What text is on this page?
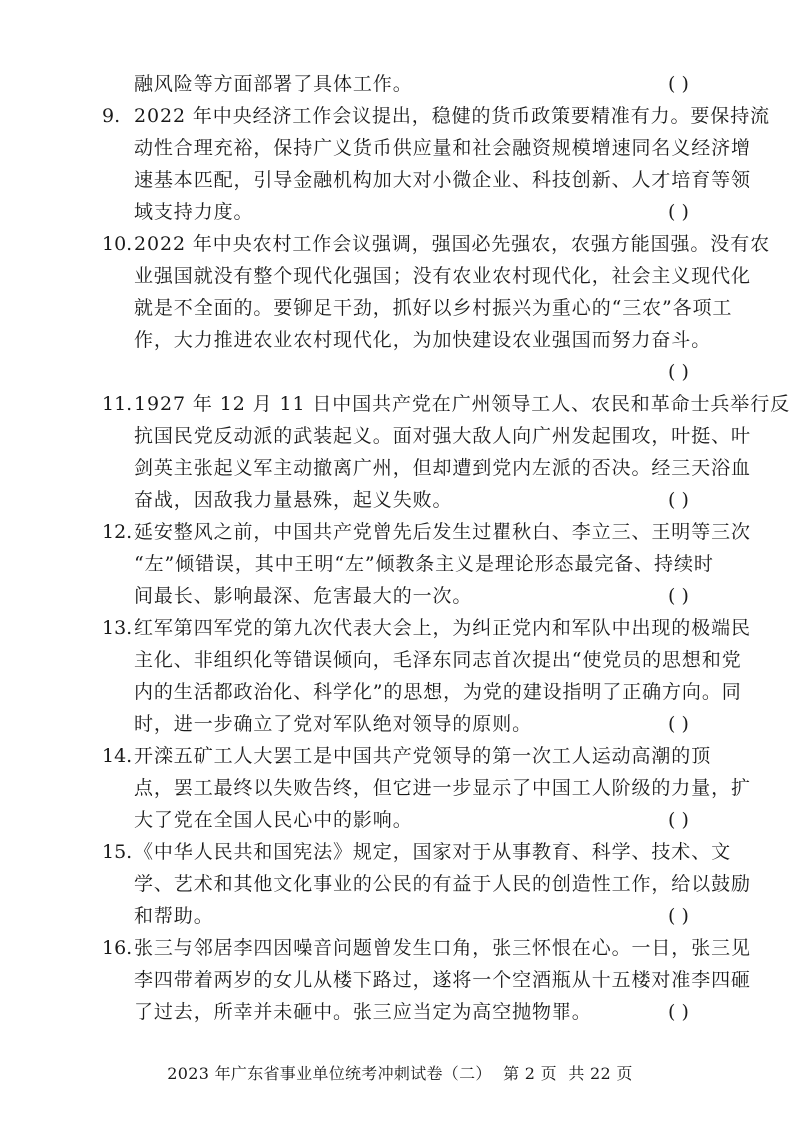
融风险等方面部署了具体工作。	( )
9. 2022 年中央经济工作会议提出，稳健的货币政策要精准有力。要保持流
动性合理充裕，保持广义货币供应量和社会融资规模增速同名义经济增
速基本匹配，引导金融机构加大对小微企业、科技创新、人才培育等领
域支持力度。	( )
10. 2022 年中央农村工作会议强调，强国必先强农，农强方能国强。没有农
业强国就没有整个现代化强国；没有农业农村现代化，社会主义现代化
就是不全面的。要铆足干劲，抓好以乡村振兴为重心的“三农”各项工
作，大力推进农业农村现代化，为加快建设农业强国而努力奋斗。
( )
11. 1927 年 12 月 11 日中国共产党在广州领导工人、农民和革命士兵举行反
抗国民党反动派的武装起义。面对强大敌人向广州发起围攻，叶挺、叶
剑英主张起义军主动撤离广州，但却遭到党内左派的否决。经三天浴血
奋战，因敌我力量悬殊，起义失败。	( )
12. 延安整风之前，中国共产党曾先后发生过瞿秋白、李立三、王明等三次
“左”倾错误，其中王明“左”倾教条主义是理论形态最完备、持续时
间最长、影响最深、危害最大的一次。	( )
13. 红军第四军党的第九次代表大会上，为纠正党内和军队中出现的极端民
主化、非组织化等错误倾向，毛泽东同志首次提出“使党员的思想和党
内的生活都政治化、科学化”的思想，为党的建设指明了正确方向。同
时，进一步确立了党对军队绝对领导的原则。	( )
14. 开滦五矿工人大罢工是中国共产党领导的第一次工人运动高潮的顶
点，罢工最终以失败告终，但它进一步显示了中国工人阶级的力量，扩
大了党在全国人民心中的影响。	( )
15. 《中华人民共和国宪法》规定，国家对于从事教育、科学、技术、文
学、艺术和其他文化事业的公民的有益于人民的创造性工作，给以鼓励
和帮助。	( )
16. 张三与邻居李四因噪音问题曾发生口角，张三怀恨在心。一日，张三见
李四带着两岁的女儿从楼下路过，遂将一个空酒瓶从十五楼对准李四砸
了过去，所幸并未砸中。张三应当定为高空抛物罪。	( )
2023 年广东省事业单位统考冲刺试卷（二） 第 2 页 共 22 页
